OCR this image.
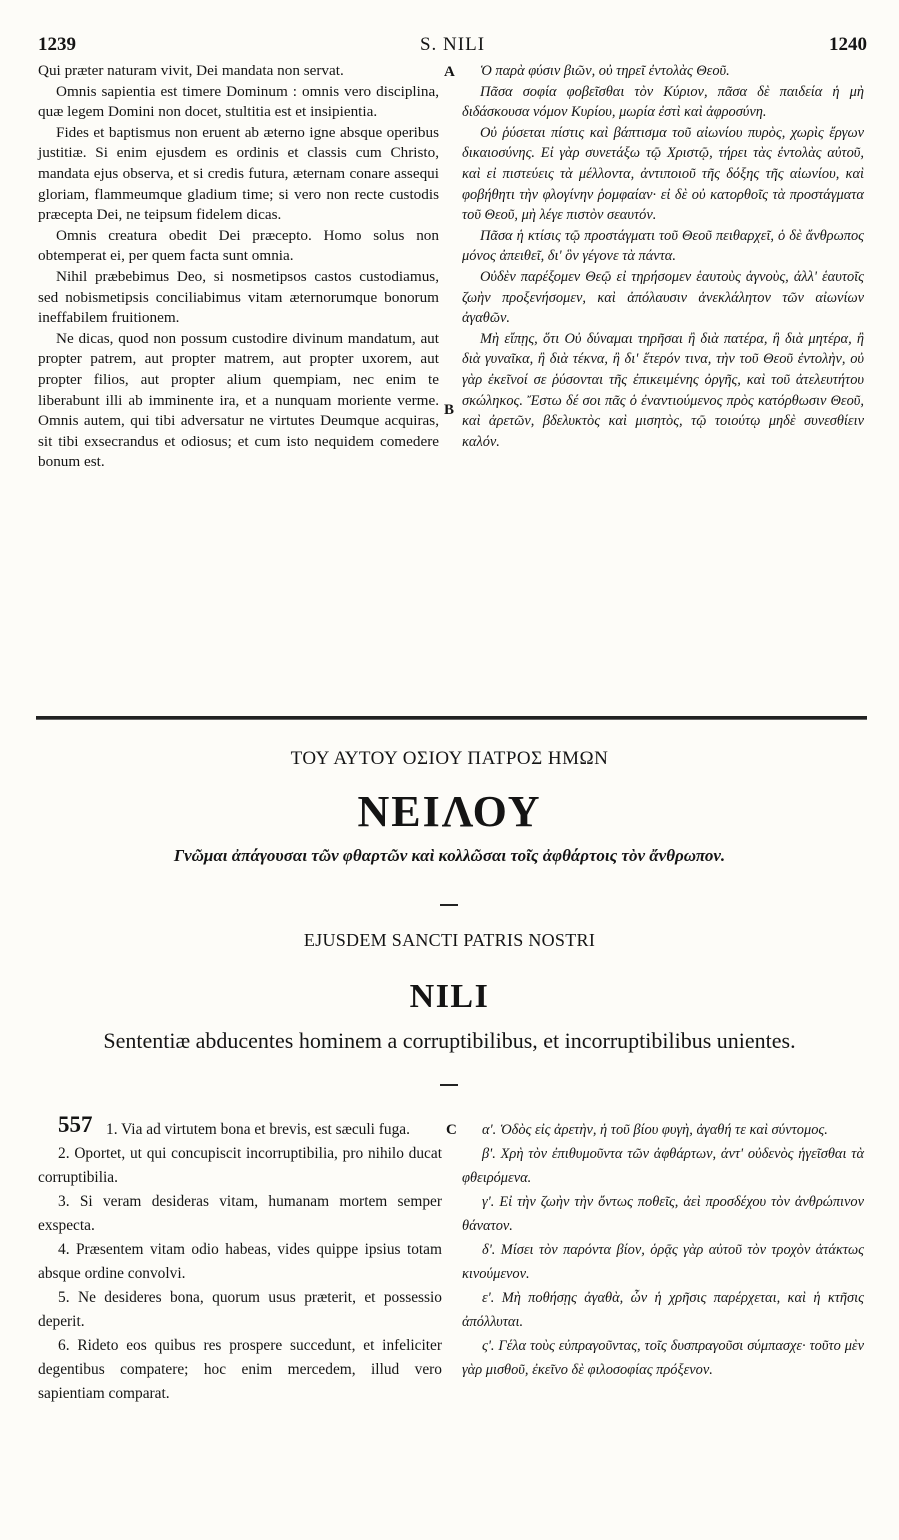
1239	S. NILI	1240

Qui præter naturam vivit, Dei mandata non servat.

Omnis sapientia est timere Dominum : omnis vero disciplina, quæ legem Domini non docet, stultitia est et insipientia.

Fides et baptismus non eruent ab æterno igne absque operibus justitiæ. Si enim ejusdem es ordinis et classis cum Christo, mandata ejus observa, et si credis futura, æternam conare assequi gloriam, flammeumque gladium time; si vero non recte custodis præcepta Dei, ne teipsum fidelem dicas.

Omnis creatura obedit Dei præcepto. Homo solus non obtemperat ei, per quem facta sunt omnia.

Nihil præbebimus Deo, si nosmetipsos castos custodiamus, sed nobismetipsis conciliabimus vitam æternorumque bonorum ineffabilem fruitionem.

Ne dicas, quod non possum custodire divinum mandatum, aut propter patrem, aut propter matrem, aut propter uxorem, aut propter filios, aut propter alium quempiam, nec enim te liberabunt illi ab imminente ira, et a nunquam moriente verme. Omnis autem, qui tibi adversatur ne virtutes Deumque acquiras, sit tibi exsecrandus et odiosus; et cum isto nequidem comedere bonum est.

A
B

Ὁ παρὰ φύσιν βιῶν, οὐ τηρεῖ ἐντολὰς Θεοῦ.

Πᾶσα σοφία φοβεῖσθαι τὸν Κύριον, πᾶσα δὲ παιδεία ἡ μὴ διδάσκουσα νόμον Κυρίου, μωρία ἐστὶ καὶ ἀφροσύνη.

Οὐ ῥύσεται πίστις καὶ βάπτισμα τοῦ αἰωνίου πυρὸς, χωρὶς ἔργων δικαιοσύνης. Εἰ γὰρ συνετάξω τῷ Χριστῷ, τήρει τὰς ἐντολὰς αὐτοῦ, καὶ εἰ πιστεύεις τὰ μέλλοντα, ἀντιποιοῦ τῆς δόξης τῆς αἰωνίου, καὶ φοβήθητι τὴν φλογίνην ῥομφαίαν· εἰ δὲ οὐ κατορθοῖς τὰ προστάγματα τοῦ Θεοῦ, μὴ λέγε πιστὸν σεαυτόν.

Πᾶσα ἡ κτίσις τῷ προστάγματι τοῦ Θεοῦ πειθαρχεῖ, ὁ δὲ ἄνθρωπος μόνος ἀπειθεῖ, δι' ὃν γέγονε τὰ πάντα.

Οὐδὲν παρέξομεν Θεῷ εἰ τηρήσομεν ἑαυτοὺς ἁγνοὺς, ἀλλ' ἑαυτοῖς ζωὴν προξενήσομεν, καὶ ἀπόλαυσιν ἀνεκλάλητον τῶν αἰωνίων ἀγαθῶν.

Μὴ εἴπῃς, ὅτι Οὐ δύναμαι τηρῆσαι ἢ διὰ πατέρα, ἢ διὰ μητέρα, ἢ διὰ γυναῖκα, ἢ διὰ τέκνα, ἢ δι' ἕτερόν τινα, τὴν τοῦ Θεοῦ ἐντολὴν, οὐ γὰρ ἐκεῖνοί σε ῥύσονται τῆς ἐπικειμένης ὀργῆς, καὶ τοῦ ἀτελευτήτου σκώληκος. Ἔστω δέ σοι πᾶς ὁ ἐναντιούμενος πρὸς κατόρθωσιν Θεοῦ, καὶ ἀρετῶν, βδελυκτὸς καὶ μισητὸς, τῷ τοιούτῳ μηδὲ συνεσθίειν καλόν.

ΤΟΥ ΑΥΤΟΥ ΟΣΙΟΥ ΠΑΤΡΟΣ ΗΜΩΝ
ΝΕΙΛΟΥ
Γνῶμαι ἀπάγουσαι τῶν φθαρτῶν καὶ κολλῶσαι τοῖς ἀφθάρτοις τὸν ἄνθρωπον.
EJUSDEM SANCTI PATRIS NOSTRI
NILI
Sententiæ abducentes hominem a corruptibilibus, et incorruptibilibus unientes.
557	C

1. Via ad virtutem bona et brevis, est sæculi fuga.

2. Oportet, ut qui concupiscit incorruptibilia, pro nihilo ducat corruptibilia.

3. Si veram desideras vitam, humanam mortem semper exspecta.

4. Præsentem vitam odio habeas, vides quippe ipsius totam absque ordine convolvi.

5. Ne desideres bona, quorum usus præterit, et possessio deperit.

6. Rideto eos quibus res prospere succedunt, et infeliciter degentibus compatere; hoc enim mercedem, illud vero sapientiam comparat.

α'. Ὁδὸς εἰς ἀρετὴν, ἡ τοῦ βίου φυγὴ, ἀγαθή τε καὶ σύντομος.

β'. Χρὴ τὸν ἐπιθυμοῦντα τῶν ἀφθάρτων, ἀντ' οὐδενὸς ἡγεῖσθαι τὰ φθειρόμενα.

γ'. Εἰ τὴν ζωὴν τὴν ὄντως ποθεῖς, ἀεὶ προσδέχου τὸν ἀνθρώπινον θάνατον.

δ'. Μίσει τὸν παρόντα βίον, ὁρᾷς γὰρ αὐτοῦ τὸν τροχὸν ἀτάκτως κινούμενον.

ε'. Μὴ ποθήσῃς ἀγαθὰ, ὧν ἡ χρῆσις παρέρχεται, καὶ ἡ κτῆσις ἀπόλλυται.

ς'. Γέλα τοὺς εὐπραγοῦντας, τοῖς δυσπραγοῦσι σύμπασχε· τοῦτο μὲν γὰρ μισθοῦ, ἐκεῖνο δὲ φιλοσοφίας πρόξενον.
